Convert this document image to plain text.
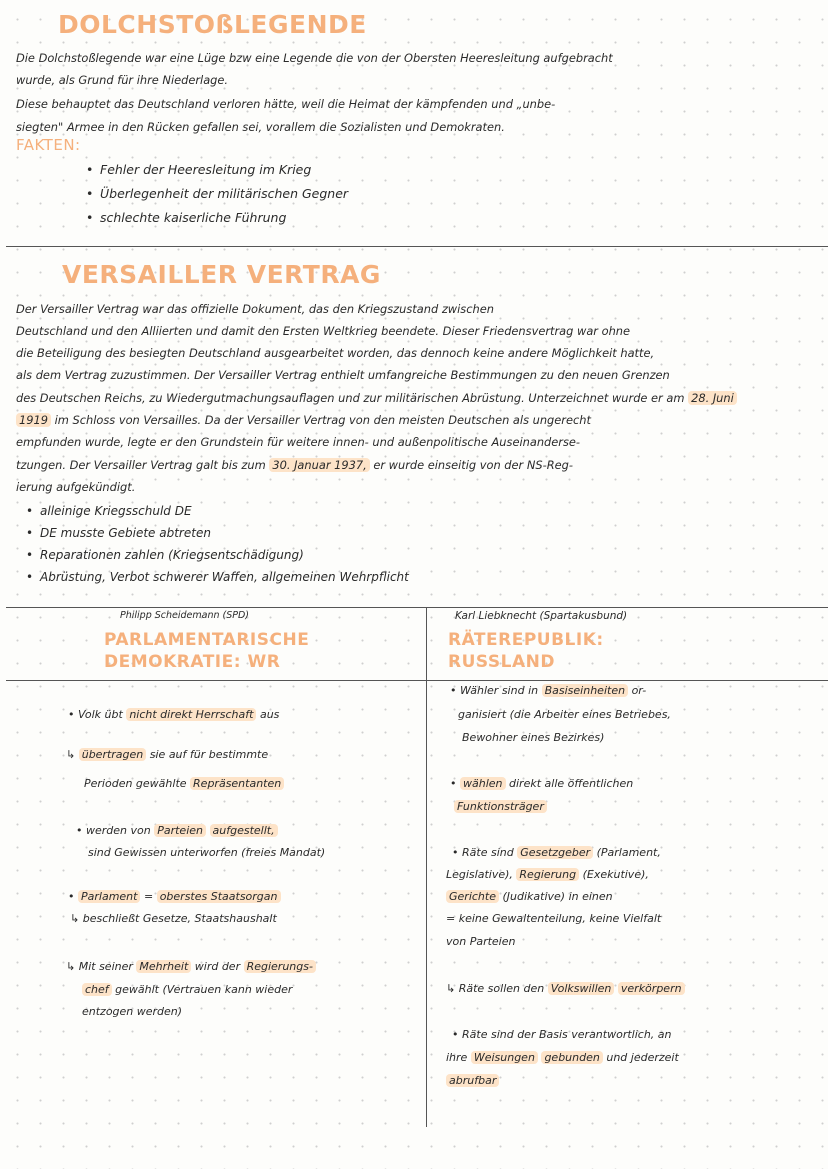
DOLCHSTOßLEGENDE
Die Dolchstoßlegende war eine Lüge bzw eine Legende die von der Obersten Heeresleitung aufgebracht
wurde, als Grund für ihre Niederlage.
Diese behauptet das Deutschland verloren hätte, weil die Heimat der kämpfenden und „unbe-
siegten" Armee in den Rücken gefallen sei, vorallem die Sozialisten und Demokraten.
FAKTEN:
• Fehler der Heeresleitung im Krieg
• Überlegenheit der militärischen Gegner
• schlechte kaiserliche Führung
VERSAILLER VERTRAG
Der Versailler Vertrag war das offizielle Dokument, das den Kriegszustand zwischen
Deutschland und den Alliierten und damit den Ersten Weltkrieg beendete. Dieser Friedensvertrag war ohne
die Beteiligung des besiegten Deutschland ausgearbeitet worden, das dennoch keine andere Möglichkeit hatte,
als dem Vertrag zuzustimmen. Der Versailler Vertrag enthielt umfangreiche Bestimmungen zu den neuen Grenzen
des Deutschen Reichs, zu Wiedergutmachungsauflagen und zur militärischen Abrüstung. Unterzeichnet wurde er am 28. Juni
1919 im Schloss von Versailles. Da der Versailler Vertrag von den meisten Deutschen als ungerecht
empfunden wurde, legte er den Grundstein für weitere innen- und außenpolitische Auseinanderse-
tzungen. Der Versailler Vertrag galt bis zum 30. Januar 1937, er wurde einseitig von der NS-Reg-
ierung aufgekündigt.
• alleinige Kriegsschuld DE
• DE musste Gebiete abtreten
• Reparationen zahlen (Kriegsentschädigung)
• Abrüstung, Verbot schwerer Waffen, allgemeinen Wehrpflicht
Philipp Scheidemann (SPD)
PARLAMENTARISCHE
DEMOKRATIE: WR
Karl Liebknecht (Spartakusbund)
RÄTEREPUBLIK:
RUSSLAND
• Volk übt nicht direkt Herrschaft aus
↳ übertragen sie auf für bestimmte
Perioden gewählte Repräsentanten
• werden von Parteien aufgestellt,
sind Gewissen unterworfen (freies Mandat)
• Parlament = oberstes Staatsorgan
↳ beschließt Gesetze, Staatshaushalt
↳ Mit seiner Mehrheit wird der Regierungs-
chef gewählt (Vertrauen kann wieder
entzogen werden)
• Wähler sind in Basiseinheiten or-
ganisiert (die Arbeiter eines Betriebes,
Bewohner eines Bezirkes)
• wählen direkt alle öffentlichen
Funktionsträger
• Räte sind Gesetzgeber (Parlament,
Legislative), Regierung (Exekutive),
Gerichte (Judikative) in einen
= keine Gewaltenteilung, keine Vielfalt
von Parteien
↳ Räte sollen den Volkswillen verkörpern
• Räte sind der Basis verantwortlich, an
ihre Weisungen gebunden und jederzeit
abrufbar
